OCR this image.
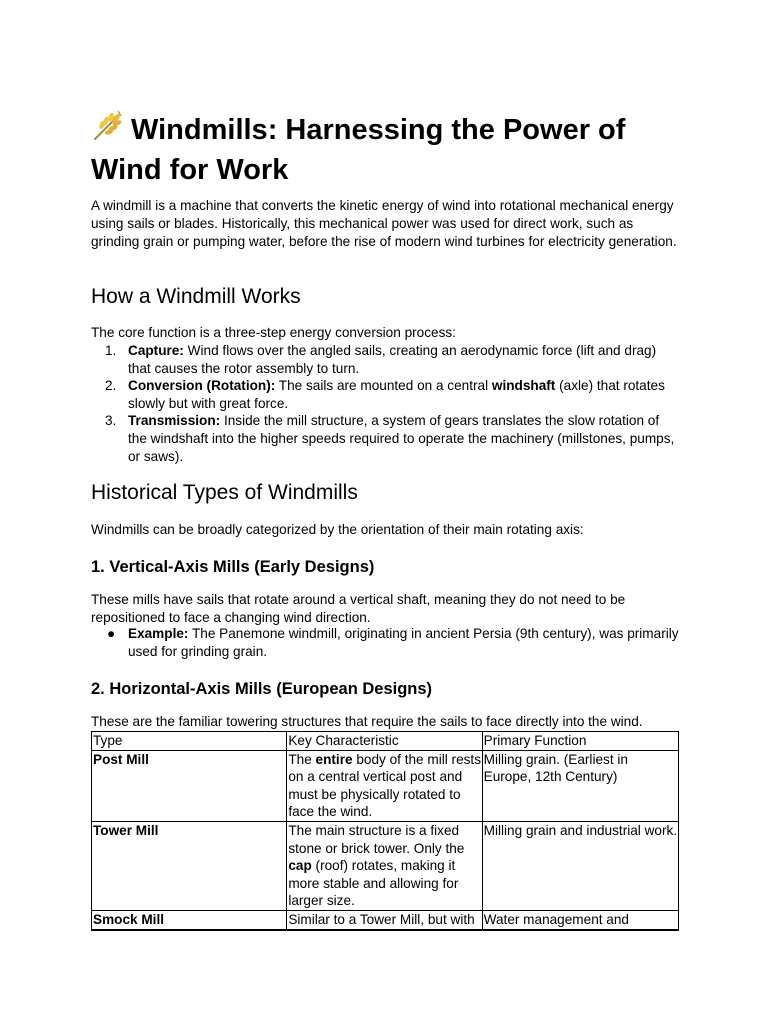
Windmills: Harnessing the Power of Wind for Work

A windmill is a machine that converts the kinetic energy of wind into rotational mechanical energy using sails or blades. Historically, this mechanical power was used for direct work, such as grinding grain or pumping water, before the rise of modern wind turbines for electricity generation.

How a Windmill Works

The core function is a three-step energy conversion process:

1. Capture: Wind flows over the angled sails, creating an aerodynamic force (lift and drag) that causes the rotor assembly to turn.
2. Conversion (Rotation): The sails are mounted on a central windshaft (axle) that rotates slowly but with great force.
3. Transmission: Inside the mill structure, a system of gears translates the slow rotation of the windshaft into the higher speeds required to operate the machinery (millstones, pumps, or saws).
Historical Types of Windmills

Windmills can be broadly categorized by the orientation of their main rotating axis:

1. Vertical-Axis Mills (Early Designs)

These mills have sails that rotate around a vertical shaft, meaning they do not need to be repositioned to face a changing wind direction.

● Example: The Panemone windmill, originating in ancient Persia (9th century), was primarily used for grinding grain.
2. Horizontal-Axis Mills (European Designs)

These are the familiar towering structures that require the sails to face directly into the wind.

Type	Key Characteristic	Primary Function
Post Mill	The entire body of the mill rests on a central vertical post and must be physically rotated to face the wind.	Milling grain. (Earliest in Europe, 12th Century)
Tower Mill	The main structure is a fixed stone or brick tower. Only the cap (roof) rotates, making it more stable and allowing for larger size.	Milling grain and industrial work.
Smock Mill	Similar to a Tower Mill, but with	Water management and
